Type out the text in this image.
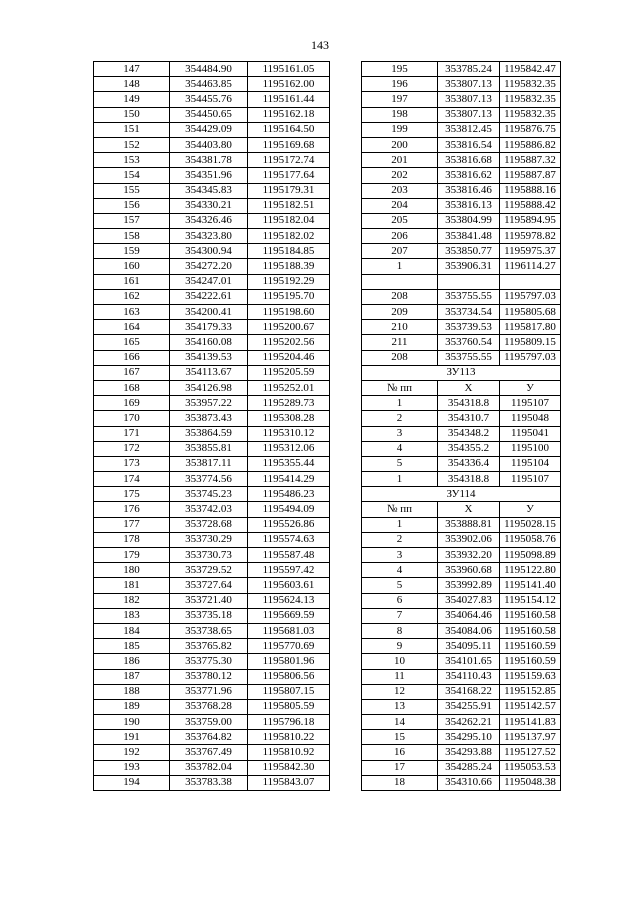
143
147	354484.90	1195161.05
148	354463.85	1195162.00
149	354455.76	1195161.44
150	354450.65	1195162.18
151	354429.09	1195164.50
152	354403.80	1195169.68
153	354381.78	1195172.74
154	354351.96	1195177.64
155	354345.83	1195179.31
156	354330.21	1195182.51
157	354326.46	1195182.04
158	354323.80	1195182.02
159	354300.94	1195184.85
160	354272.20	1195188.39
161	354247.01	1195192.29
162	354222.61	1195195.70
163	354200.41	1195198.60
164	354179.33	1195200.67
165	354160.08	1195202.56
166	354139.53	1195204.46
167	354113.67	1195205.59
168	354126.98	1195252.01
169	353957.22	1195289.73
170	353873.43	1195308.28
171	353864.59	1195310.12
172	353855.81	1195312.06
173	353817.11	1195355.44
174	353774.56	1195414.29
175	353745.23	1195486.23
176	353742.03	1195494.09
177	353728.68	1195526.86
178	353730.29	1195574.63
179	353730.73	1195587.48
180	353729.52	1195597.42
181	353727.64	1195603.61
182	353721.40	1195624.13
183	353735.18	1195669.59
184	353738.65	1195681.03
185	353765.82	1195770.69
186	353775.30	1195801.96
187	353780.12	1195806.56
188	353771.96	1195807.15
189	353768.28	1195805.59
190	353759.00	1195796.18
191	353764.82	1195810.22
192	353767.49	1195810.92
193	353782.04	1195842.30
194	353783.38	1195843.07
195	353785.24	1195842.47
196	353807.13	1195832.35
197	353807.13	1195832.35
198	353807.13	1195832.35
199	353812.45	1195876.75
200	353816.54	1195886.82
201	353816.68	1195887.32
202	353816.62	1195887.87
203	353816.46	1195888.16
204	353816.13	1195888.42
205	353804.99	1195894.95
206	353841.48	1195978.82
207	353850.77	1195975.37
1	353906.31	1196114.27

208	353755.55	1195797.03
209	353734.54	1195805.68
210	353739.53	1195817.80
211	353760.54	1195809.15
208	353755.55	1195797.03
ЗУ113		
№ пп	X	У
1	354318.8	1195107
2	354310.7	1195048
3	354348.2	1195041
4	354355.2	1195100
5	354336.4	1195104
1	354318.8	1195107
ЗУ114		
№ пп	X	У
1	353888.81	1195028.15
2	353902.06	1195058.76
3	353932.20	1195098.89
4	353960.68	1195122.80
5	353992.89	1195141.40
6	354027.83	1195154.12
7	354064.46	1195160.58
8	354084.06	1195160.58
9	354095.11	1195160.59
10	354101.65	1195160.59
11	354110.43	1195159.63
12	354168.22	1195152.85
13	354255.91	1195142.57
14	354262.21	1195141.83
15	354295.10	1195137.97
16	354293.88	1195127.52
17	354285.24	1195053.53
18	354310.66	1195048.38
